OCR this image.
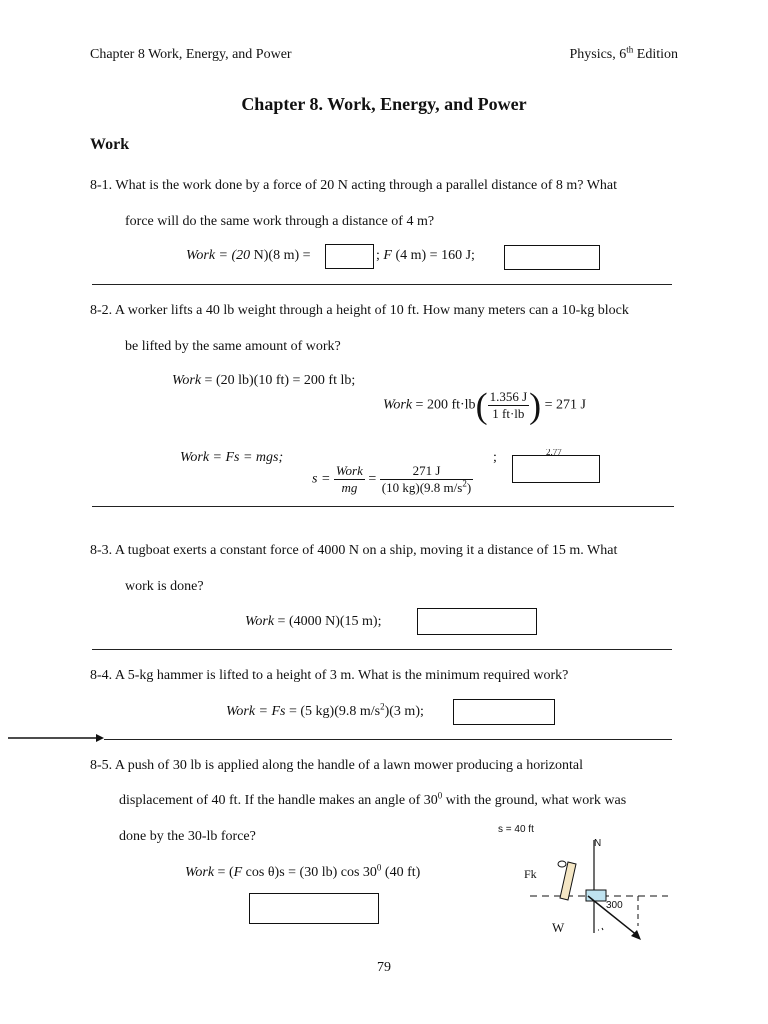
Chapter 8 Work, Energy, and Power	Physics, 6th Edition
Chapter 8. Work, Energy, and Power
Work
8-1. What is the work done by a force of 20 N acting through a parallel distance of 8 m? What
force will do the same work through a distance of 4 m?
Work = (20 N)(8 m) =	; F (4 m) = 160 J;
8-2. A worker lifts a 40 lb weight through a height of 10 ft. How many meters can a 10-kg block
be lifted by the same amount of work?
Work = (20 lb)(10 ft) = 200 ft lb;
Work = 200 $ft\cdot lb( \frac{1.356 J}{1 ft\cdot lb}$ ) = 271 J
Work = Fs = mgs;	;	2.77
$s = \frac{\text{Work}}{mg} = \frac{271 J}{(10 kg)(9.8 m/s^2)}$
8-3. A tugboat exerts a constant force of 4000 N on a ship, moving it a distance of 15 m. What
work is done?
Work = (4000 N)(15 m);
8-4. A 5-kg hammer is lifted to a height of 3 m. What is the minimum required work?
Work = Fs = (5 kg)(9.8 $m/s^2)(3$ m);
8-5. A push of 30 lb is applied along the handle of a lawn mower producing a horizontal
displacement of 40 ft. If the handle makes an angle of $30^0$ with the ground, what work was
done by the 30-lb force?
Work = (F cos θ)s = (30 lb) $\cos 30^0$ (40 ft)
s = 40 ft
N
Fk
300
W
79
